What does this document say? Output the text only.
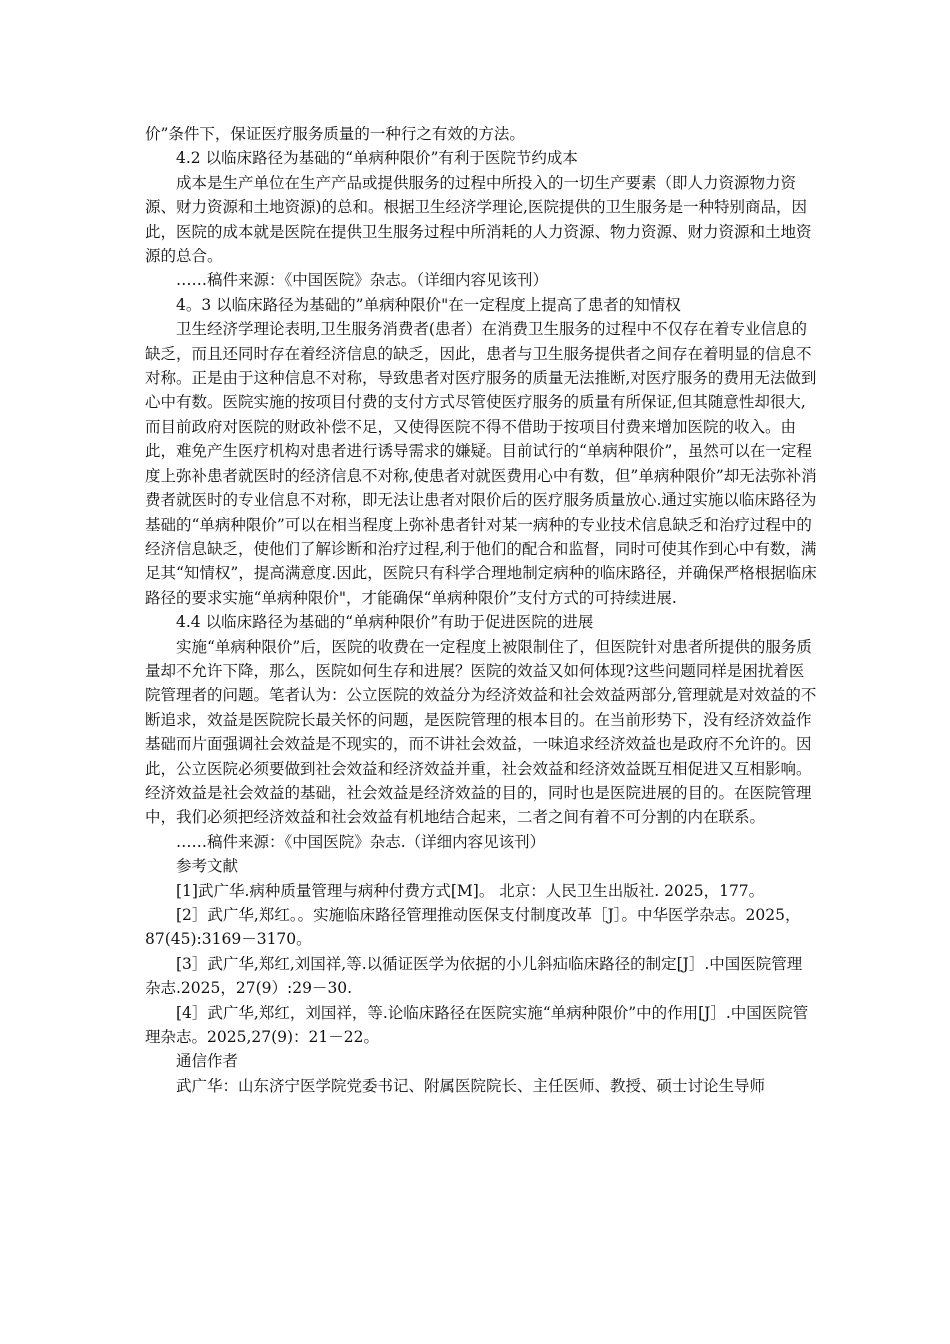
价”条件下，保证医疗服务质量的一种行之有效的方法。

4.2 以临床路径为基础的“单病种限价”有利于医院节约成本

成本是生产单位在生产产品或提供服务的过程中所投入的一切生产要素（即人力资源物力资源、财力资源和土地资源)的总和。根据卫生经济学理论,医院提供的卫生服务是一种特别商品，因此，医院的成本就是医院在提供卫生服务过程中所消耗的人力资源、物力资源、财力资源和土地资源的总合。

……稿件来源：《中国医院》杂志。（详细内容见该刊）

4。3 以临床路径为基础的”单病种限价"在一定程度上提高了患者的知情权

卫生经济学理论表明,卫生服务消费者(患者）在消费卫生服务的过程中不仅存在着专业信息的缺乏，而且还同时存在着经济信息的缺乏，因此，患者与卫生服务提供者之间存在着明显的信息不对称。正是由于这种信息不对称，导致患者对医疗服务的质量无法推断,对医疗服务的费用无法做到心中有数。医院实施的按项目付费的支付方式尽管使医疗服务的质量有所保证,但其随意性却很大,而目前政府对医院的财政补偿不足，又使得医院不得不借助于按项目付费来增加医院的收入。由此，难免产生医疗机构对患者进行诱导需求的嫌疑。目前试行的“单病种限价”，虽然可以在一定程度上弥补患者就医时的经济信息不对称,使患者对就医费用心中有数，但”单病种限价”却无法弥补消费者就医时的专业信息不对称，即无法让患者对限价后的医疗服务质量放心.通过实施以临床路径为基础的“单病种限价”可以在相当程度上弥补患者针对某一病种的专业技术信息缺乏和治疗过程中的经济信息缺乏，使他们了解诊断和治疗过程,利于他们的配合和监督，同时可使其作到心中有数，满足其“知情权”，提高满意度.因此，医院只有科学合理地制定病种的临床路径，并确保严格根据临床路径的要求实施“单病种限价"，才能确保“单病种限价”支付方式的可持续进展.

4.4 以临床路径为基础的“单病种限价”有助于促进医院的进展

实施“单病种限价”后，医院的收费在一定程度上被限制住了，但医院针对患者所提供的服务质量却不允许下降，那么，医院如何生存和进展？医院的效益又如何体现?这些问题同样是困扰着医院管理者的问题。笔者认为：公立医院的效益分为经济效益和社会效益两部分,管理就是对效益的不断追求，效益是医院院长最关怀的问题，是医院管理的根本目的。在当前形势下，没有经济效益作基础而片面强调社会效益是不现实的，而不讲社会效益，一味追求经济效益也是政府不允许的。因此，公立医院必须要做到社会效益和经济效益并重，社会效益和经济效益既互相促进又互相影响。经济效益是社会效益的基础，社会效益是经济效益的目的，同时也是医院进展的目的。在医院管理中，我们必须把经济效益和社会效益有机地结合起来，二者之间有着不可分割的内在联系。

……稿件来源：《中国医院》杂志.（详细内容见该刊）

参考文献

[1]武广华.病种质量管理与病种付费方式[M]。 北京：人民卫生出版社. 2025，177。

[2］武广华,郑红。。实施临床路径管理推动医保支付制度改革［J］。中华医学杂志。2025，87(45):3169－3170。

[3］武广华,郑红,刘国祥,等.以循证医学为依据的小儿斜疝临床路径的制定[J］.中国医院管理杂志.2025，27(9）:29－30.

[4］武广华,郑红，刘国祥，等.论临床路径在医院实施“单病种限价”中的作用[J］.中国医院管理杂志。2025,27(9)：21－22。

通信作者

武广华：山东济宁医学院党委书记、附属医院院长、主任医师、教授、硕士讨论生导师
